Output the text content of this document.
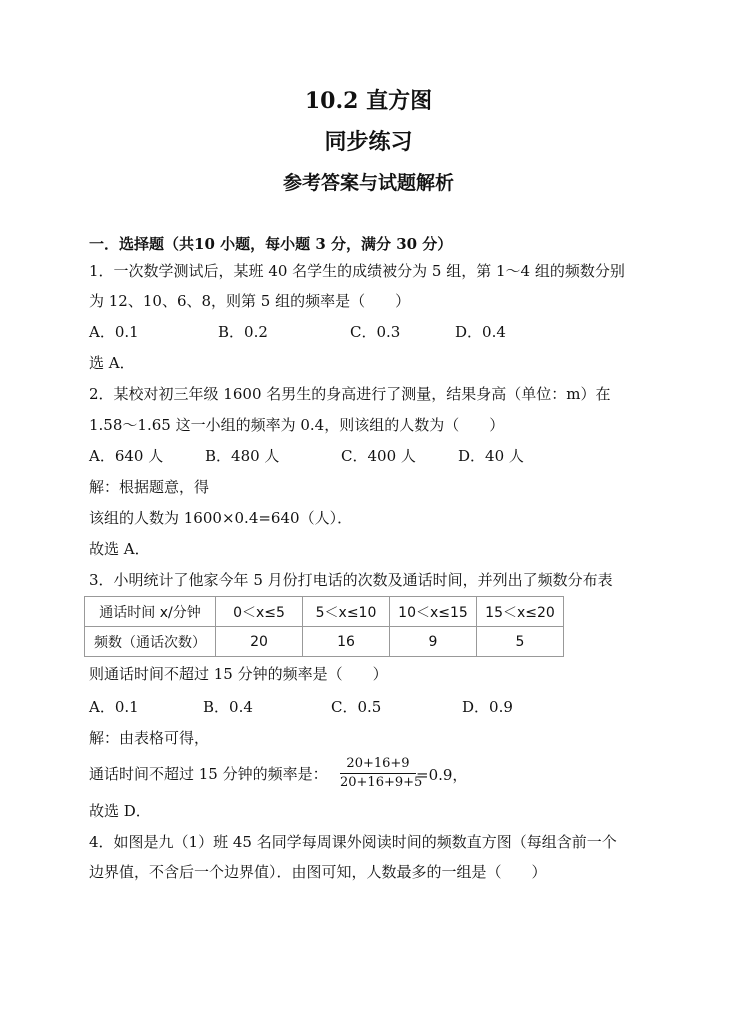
10.2 直方图
同步练习
参考答案与试题解析
一．选择题（共10 小题，每小题 3 分，满分 30 分）
1．一次数学测试后，某班 40 名学生的成绩被分为 5 组，第 1～4 组的频数分别
为 12、10、6、8，则第 5 组的频率是（　　）
A．0.1	B．0.2	C．0.3	D．0.4
选 A．
2．某校对初三年级 1600 名男生的身高进行了测量，结果身高（单位：m）在
1.58～1.65 这一小组的频率为 0.4，则该组的人数为（　　）
A．640 人	B．480 人	C．400 人	D．40 人
解：根据题意，得
该组的人数为 1600×0.4=640（人）．
故选 A．
3．小明统计了他家今年 5 月份打电话的次数及通话时间，并列出了频数分布表
通话时间 x/分钟	0＜x≤5	5＜x≤10	10＜x≤15	15＜x≤20
频数（通话次数）	20	16	9	5
则通话时间不超过 15 分钟的频率是（　　）
A．0.1	B．0.4	C．0.5	D．0.9
解：由表格可得，
通话时间不超过 15 分钟的频率是： $\frac{20+16+9}{20+16+9+5} =0.9$，
故选 D．
4．如图是九（1）班 45 名同学每周课外阅读时间的频数直方图（每组含前一个
边界值，不含后一个边界值）．由图可知，人数最多的一组是（　　）
